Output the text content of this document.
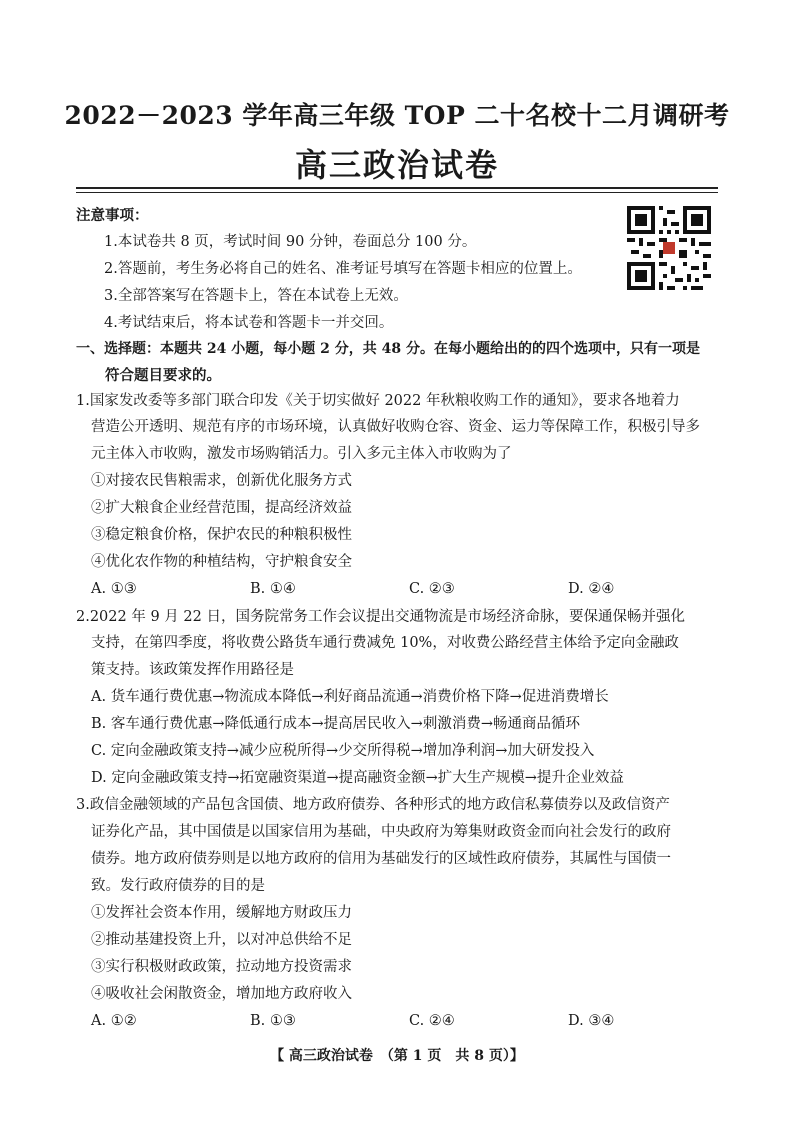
2022－2023 学年高三年级 TOP 二十名校十二月调研考
高三政治试卷
注意事项：
1.本试卷共 8 页，考试时间 90 分钟，卷面总分 100 分。
2.答题前，考生务必将自己的姓名、准考证号填写在答题卡相应的位置上。
3.全部答案写在答题卡上，答在本试卷上无效。
4.考试结束后，将本试卷和答题卡一并交回。
一、选择题：本题共 24 小题，每小题 2 分，共 48 分。在每小题给出的的四个选项中，只有一项是
符合题目要求的。
1.国家发改委等多部门联合印发《关于切实做好 2022 年秋粮收购工作的通知》，要求各地着力
营造公开透明、规范有序的市场环境，认真做好收购仓容、资金、运力等保障工作，积极引导多
元主体入市收购，激发市场购销活力。引入多元主体入市收购为了
①对接农民售粮需求，创新优化服务方式
②扩大粮食企业经营范围，提高经济效益
③稳定粮食价格，保护农民的种粮积极性
④优化农作物的种植结构，守护粮食安全
A. ①③	B. ①④	C. ②③	D. ②④
2.2022 年 9 月 22 日，国务院常务工作会议提出交通物流是市场经济命脉，要保通保畅并强化
支持，在第四季度，将收费公路货车通行费减免 10%，对收费公路经营主体给予定向金融政
策支持。该政策发挥作用路径是
A. 货车通行费优惠→物流成本降低→利好商品流通→消费价格下降→促进消费增长
B. 客车通行费优惠→降低通行成本→提高居民收入→刺激消费→畅通商品循环
C. 定向金融政策支持→减少应税所得→少交所得税→增加净利润→加大研发投入
D. 定向金融政策支持→拓宽融资渠道→提高融资金额→扩大生产规模→提升企业效益
3.政信金融领域的产品包含国债、地方政府债券、各种形式的地方政信私募债券以及政信资产
证券化产品，其中国债是以国家信用为基础，中央政府为筹集财政资金而向社会发行的政府
债券。地方政府债券则是以地方政府的信用为基础发行的区域性政府债券，其属性与国债一
致。发行政府债券的目的是
①发挥社会资本作用，缓解地方财政压力
②推动基建投资上升，以对冲总供给不足
③实行积极财政政策，拉动地方投资需求
④吸收社会闲散资金，增加地方政府收入
A. ①②	B. ①③	C. ②④	D. ③④
【 高三政治试卷　（第 1 页　共 8 页）】
